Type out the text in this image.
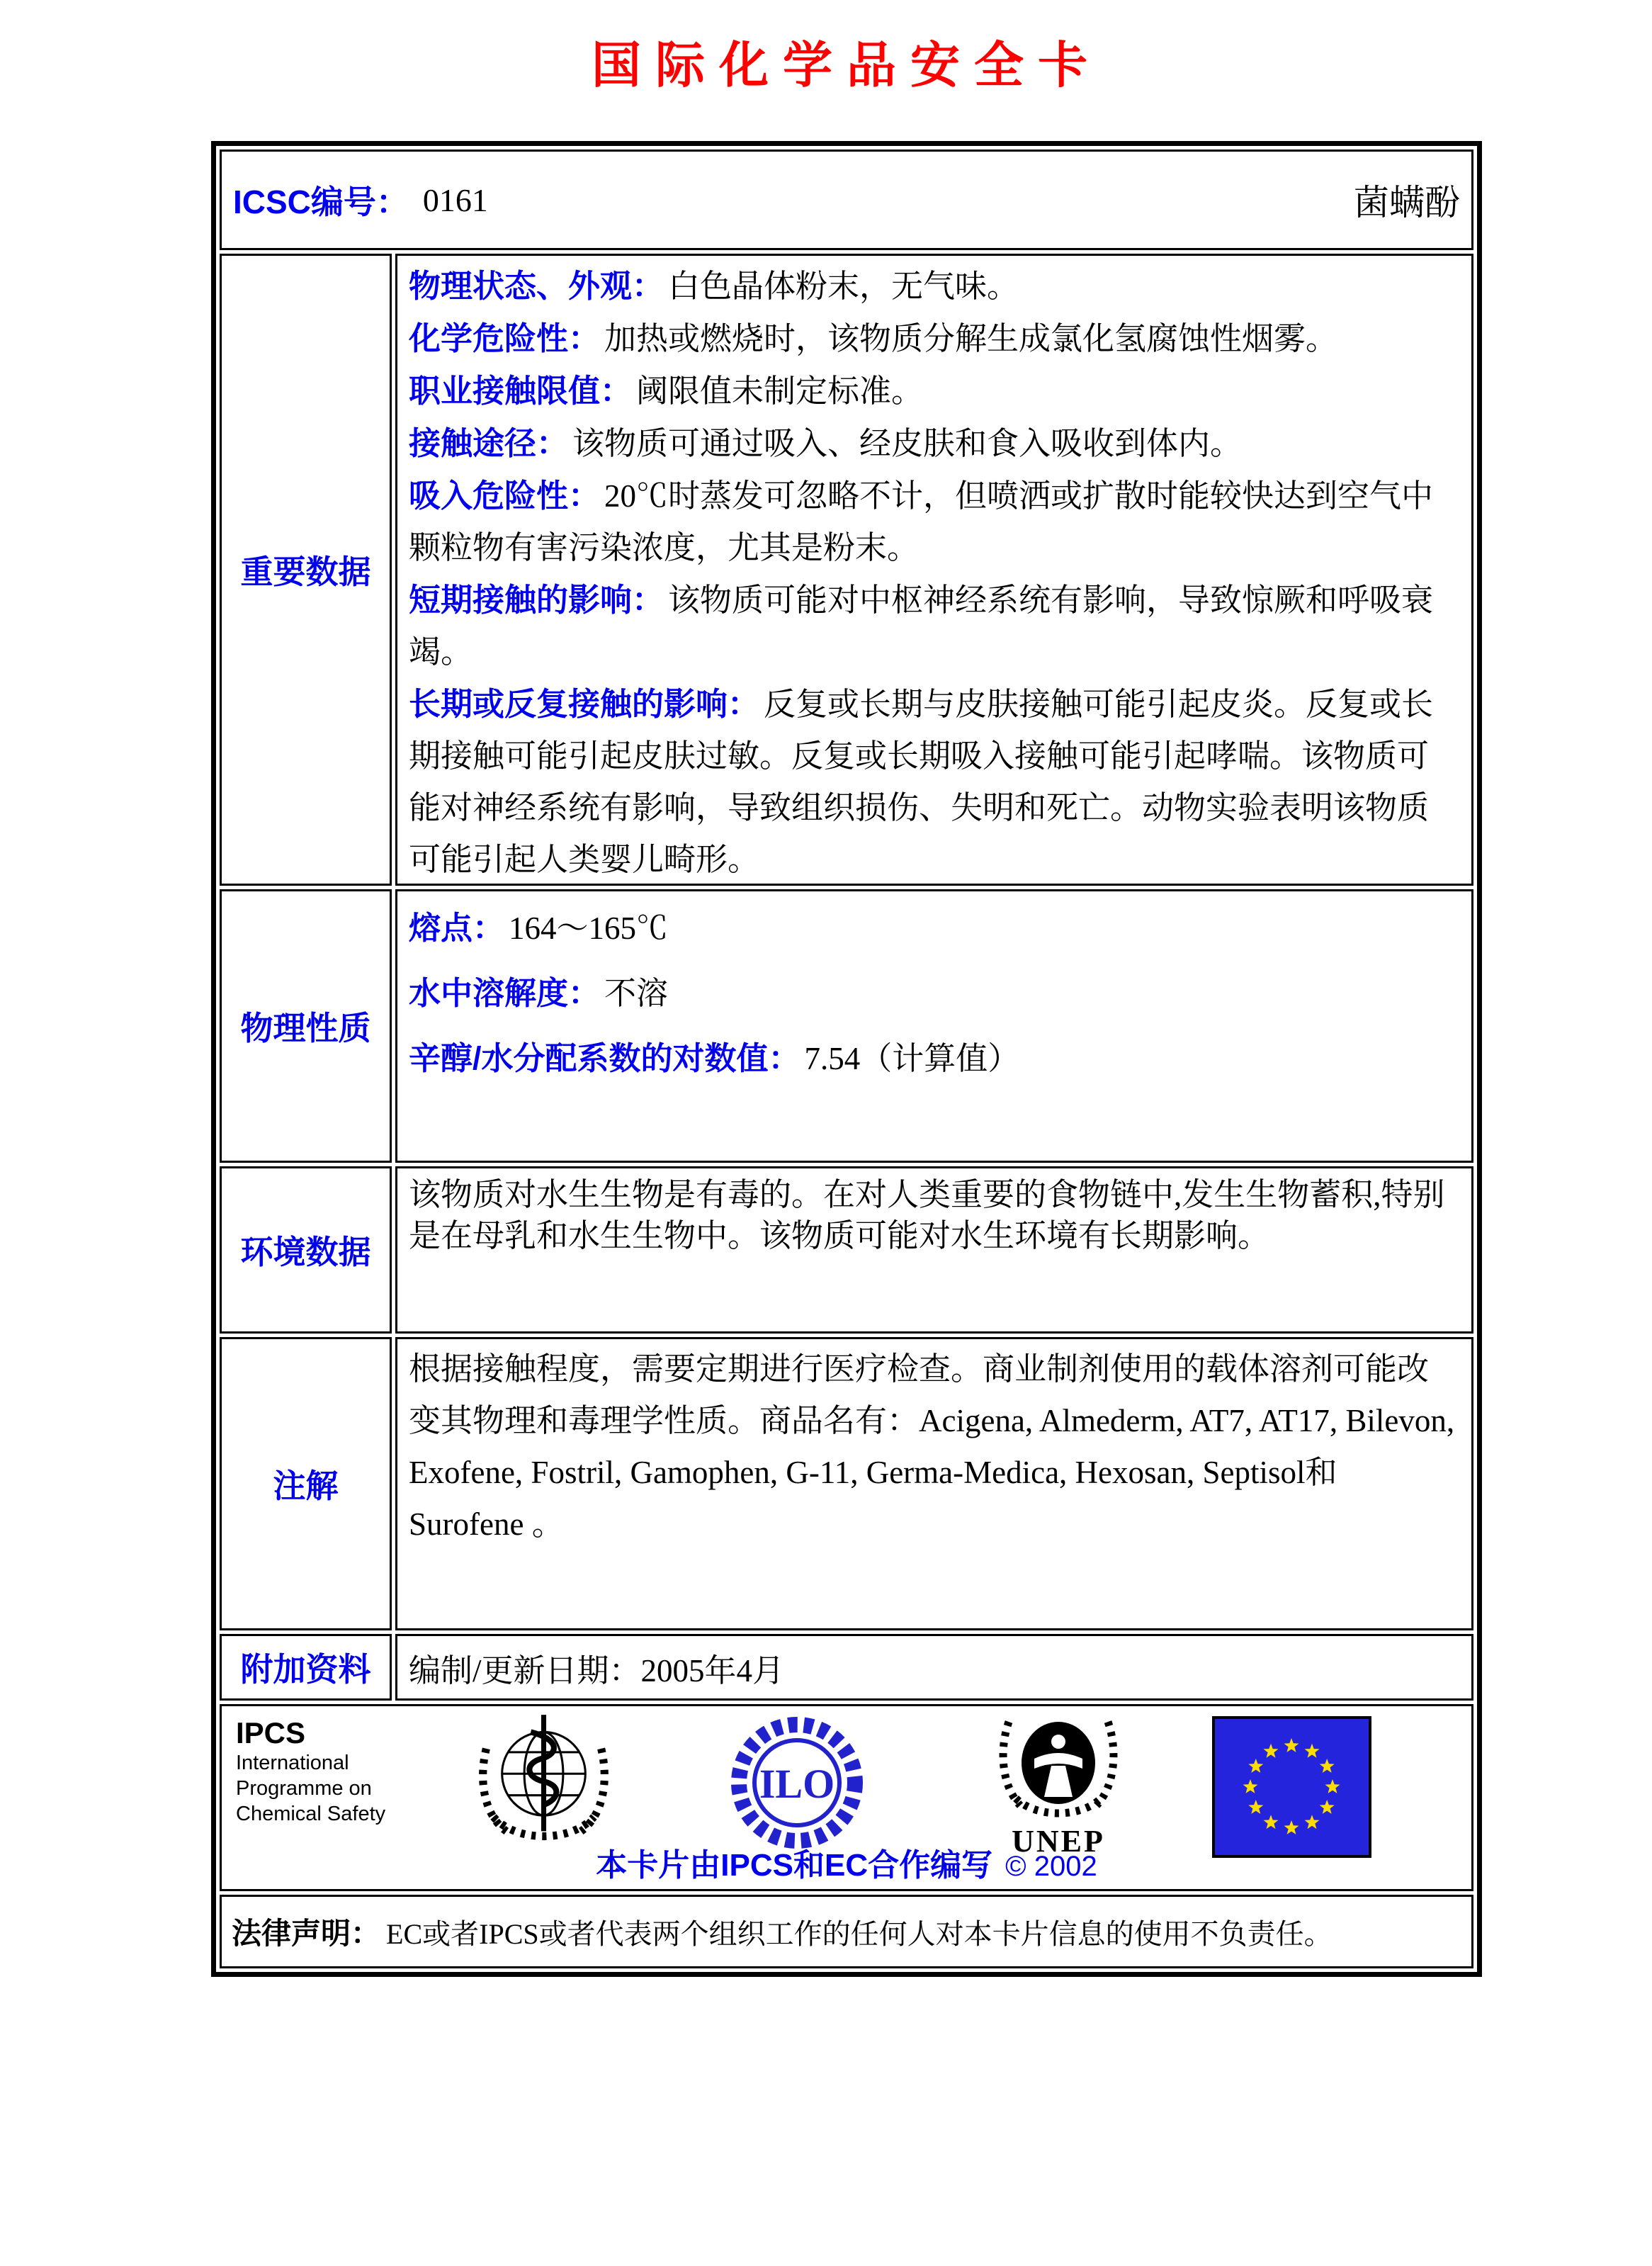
国际化学品安全卡
ICSC编号： 0161	菌螨酚
重要数据

物理状态、外观： 白色晶体粉末，无气味。

化学危险性： 加热或燃烧时，该物质分解生成氯化氢腐蚀性烟雾。

职业接触限值： 阈限值未制定标准。

接触途径： 该物质可通过吸入、经皮肤和食入吸收到体内。

吸入危险性： 20℃时蒸发可忽略不计，但喷洒或扩散时能较快达到空气中颗粒物有害污染浓度，尤其是粉末。

短期接触的影响： 该物质可能对中枢神经系统有影响，导致惊厥和呼吸衰竭。

长期或反复接触的影响： 反复或长期与皮肤接触可能引起皮炎。反复或长期接触可能引起皮肤过敏。反复或长期吸入接触可能引起哮喘。该物质可能对神经系统有影响，导致组织损伤、失明和死亡。动物实验表明该物质可能引起人类婴儿畸形。

物理性质

熔点： 164～165℃

水中溶解度： 不溶

辛醇/水分配系数的对数值： 7.54（计算值）

环境数据

该物质对水生生物是有毒的。在对人类重要的食物链中,发生生物蓄积,特别是在母乳和水生生物中。该物质可能对水生环境有长期影响。

注解

根据接触程度，需要定期进行医疗检查。商业制剂使用的载体溶剂可能改变其物理和毒理学性质。商品名有：Acigena, Almederm, AT7, AT17, Bilevon, Exofene, Fostril, Gamophen, G-11, Germa-Medica, Hexosan, Septisol和 Surofene 。

附加资料	编制/更新日期： 2005年4月
IPCS
International
Programme on
Chemical Safety
ILO
UNEP
本卡片由IPCS和EC合作编写 © 2002
法律声明： EC或者IPCS或者代表两个组织工作的任何人对本卡片信息的使用不负责任。
